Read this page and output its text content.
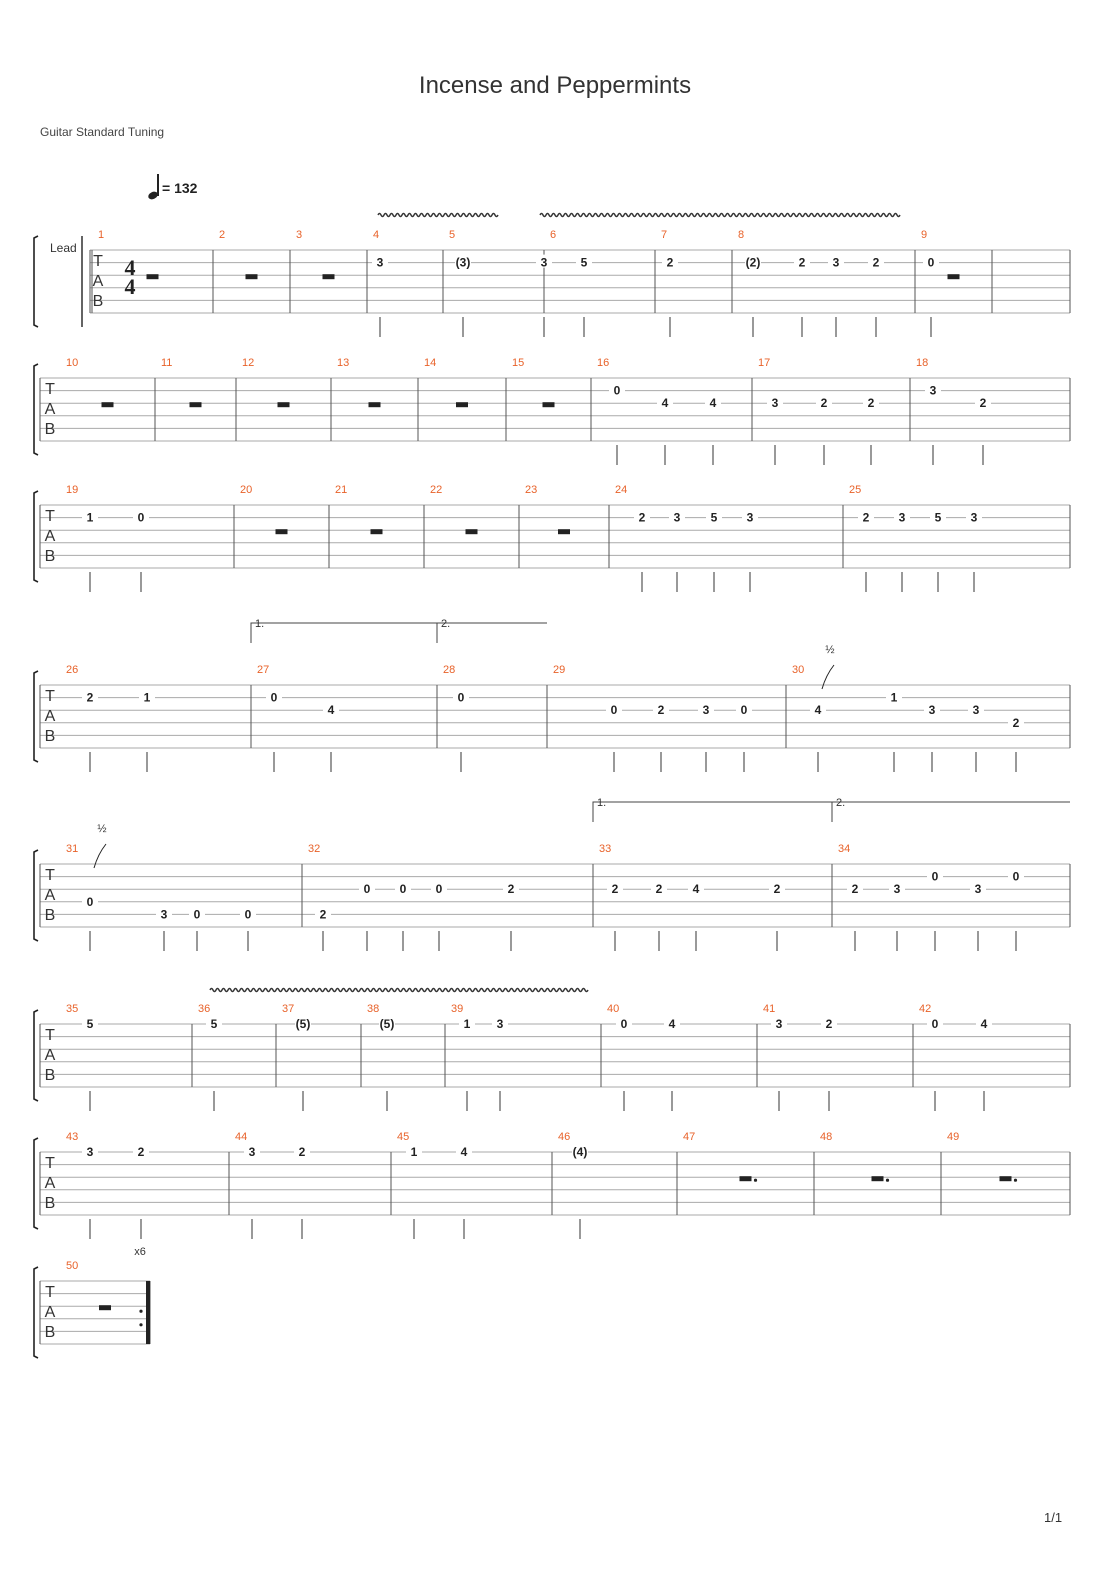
Incense and Peppermints
Guitar Standard Tuning
= 132
Lead
1/1
T
A
B
4
4
1	2	3	4
3
5
(3)	3	5
6
2
7
(2)	2 3	2
8
0
9
T
A
B
10	11	12	13	14	15	16
0
4	4
17
3	2	2
18
3
2
T
A
B
19
1	0
20	21	22	23	24
2 3	5 3
25
2 3 5 3
T
A
B
26
2	1
27
0
4
28
0
29
0	2	3	0
30
4
1
3	3
2
½
1.	2.
T
A
B
31
0
3 0	0
½
32
2
0 0 0	2
33
2	2	4	2
34
2	3
0
3
0
1.	2.
T
A
B
35
5
36
5
37
(5)
38
(5)
39
1 3
40
0	4
41
3	2
42
0	4
T
A
B
43
3	2
44
3	2
45
1	4
46
(4)
47	48	49
T
A
B
x6
50
